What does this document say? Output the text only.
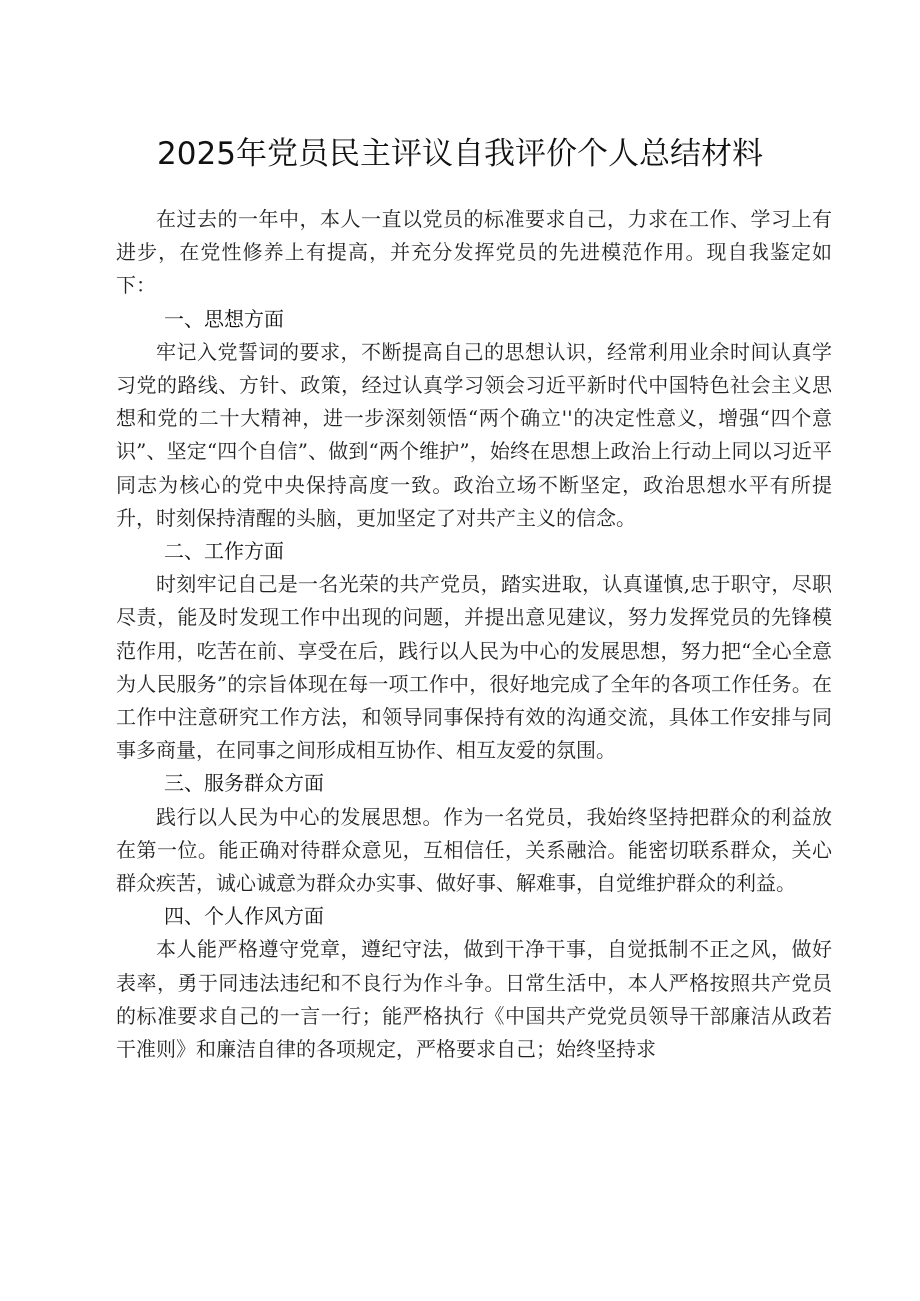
2025年党员民主评议自我评价个人总结材料

在过去的一年中，本人一直以党员的标准要求自己，力求在工作、学习上有进步，在党性修养上有提高，并充分发挥党员的先进模范作用。现自我鉴定如下：

一、思想方面

牢记入党誓词的要求，不断提高自己的思想认识，经常利用业余时间认真学习党的路线、方针、政策，经过认真学习领会习近平新时代中国特色社会主义思想和党的二十大精神，进一步深刻领悟“两个确立''的决定性意义，增强“四个意识”、坚定“四个自信”、做到“两个维护”，始终在思想上政治上行动上同以习近平同志为核心的党中央保持高度一致。政治立场不断坚定，政治思想水平有所提升，时刻保持清醒的头脑，更加坚定了对共产主义的信念。

二、工作方面

时刻牢记自己是一名光荣的共产党员，踏实进取，认真谨慎,忠于职守，尽职尽责，能及时发现工作中出现的问题，并提出意见建议，努力发挥党员的先锋模范作用，吃苦在前、享受在后，践行以人民为中心的发展思想，努力把“全心全意为人民服务”的宗旨体现在每一项工作中，很好地完成了全年的各项工作任务。在工作中注意研究工作方法，和领导同事保持有效的沟通交流，具体工作安排与同事多商量，在同事之间形成相互协作、相互友爱的氛围。

三、服务群众方面

践行以人民为中心的发展思想。作为一名党员，我始终坚持把群众的利益放在第一位。能正确对待群众意见，互相信任，关系融洽。能密切联系群众，关心群众疾苦，诚心诚意为群众办实事、做好事、解难事，自觉维护群众的利益。

四、个人作风方面

本人能严格遵守党章，遵纪守法，做到干净干事，自觉抵制不正之风，做好表率，勇于同违法违纪和不良行为作斗争。日常生活中，本人严格按照共产党员的标准要求自己的一言一行；能严格执行《中国共产党党员领导干部廉洁从政若干准则》和廉洁自律的各项规定，严格要求自己；始终坚持求
